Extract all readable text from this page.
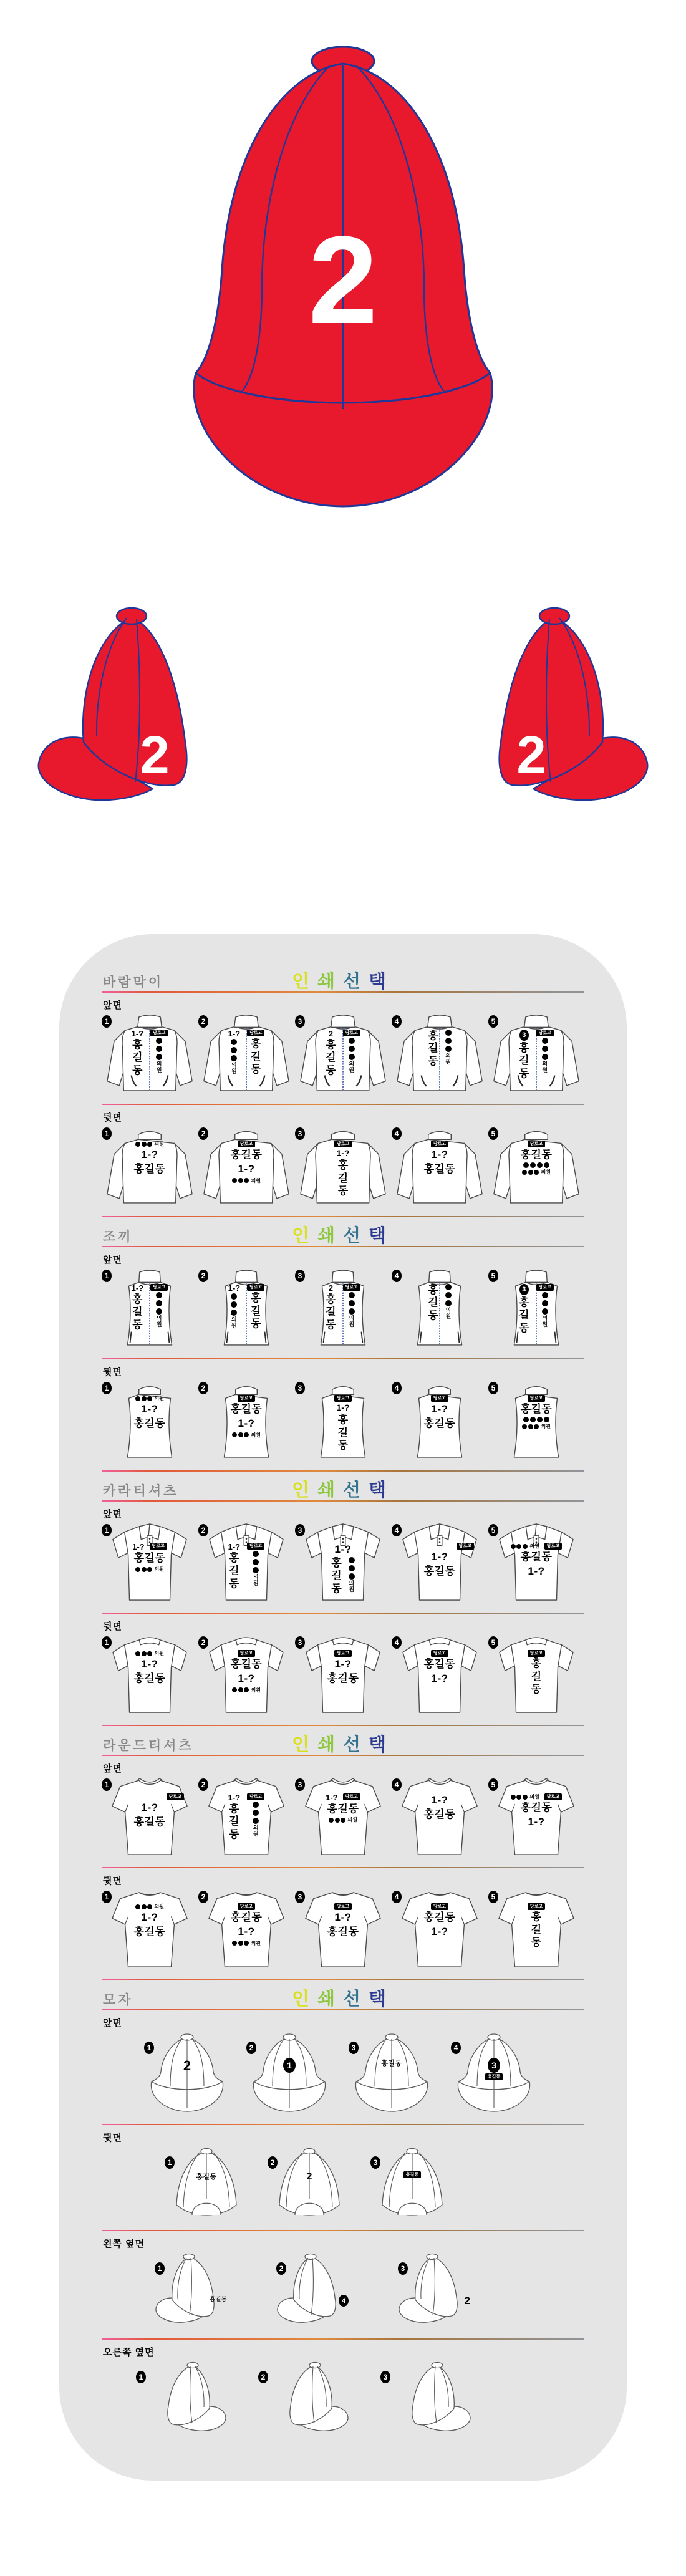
2
2	2
바람막이	인쇄선택
앞면
1
1-?
홍
길
동
당로고
의
원
2
1-?
의
원
당로고
홍
길
동
3
2
홍
길
동
당로고
의
원
4
홍
길
동 의
원
5
3
홍
길
동
당로고
의
원
뒷면
1
의원
1-?
홍길동
2
당로고
홍길동
1-?
의원
3
당로고
1-?
홍
길
동
4
당로고
1-?
홍길동
5
당로고
홍길동
의원
조끼	인쇄선택
앞면
1
1-?
홍
길
동
당로고
의
원
2
1-?
의
원
당로고
홍
길
동
3
2
홍
길
동
당로고
의
원
4
홍
길
동 의
원
5
3
홍
길
동
당로고
의
원
뒷면
1
의원
1-?
홍길동
2
당로고
홍길동
1-?
의원
3
당로고
1-?
홍
길
동
4
당로고
1-?
홍길동
5
당로고
홍길동
의원
카라티셔츠	인쇄선택
앞면
1
1-?	당로고
홍길동
의원
2
1-?
홍
길
동
당로고
의
원
3
1-?
홍
길
동 의
원
4
당로고
1-?
홍길동
5
의원	당로고
홍길동
1-?
뒷면
1
의원
1-?
홍길동
2
당로고
홍길동
1-?
의원
3
당로고
1-?
홍길동
4
당로고
홍길동
1-?
5
당로고
홍
길
동
라운드티셔츠	인쇄선택
앞면
1
당로고
1-?
홍길동
2
1-?
홍
길
동
당로고
의
원
3
1-?	당로고
홍길동
의원
4
1-?
홍길동
5
의원	당로고
홍길동
1-?
뒷면
1
의원
1-?
홍길동
2
당로고
홍길동
1-?
의원
3
당로고
1-?
홍길동
4
당로고
홍길동
1-?
5
당로고
홍
길
동
모자	인쇄선택
앞면
1
2
2
1
3
홍길동
4
3
홍길동
뒷면
1
홍길동
2
2
3
홍길동
왼쪽 옆면
1
홍길동
2
4
3
2
오른쪽 옆면
1	2	3
